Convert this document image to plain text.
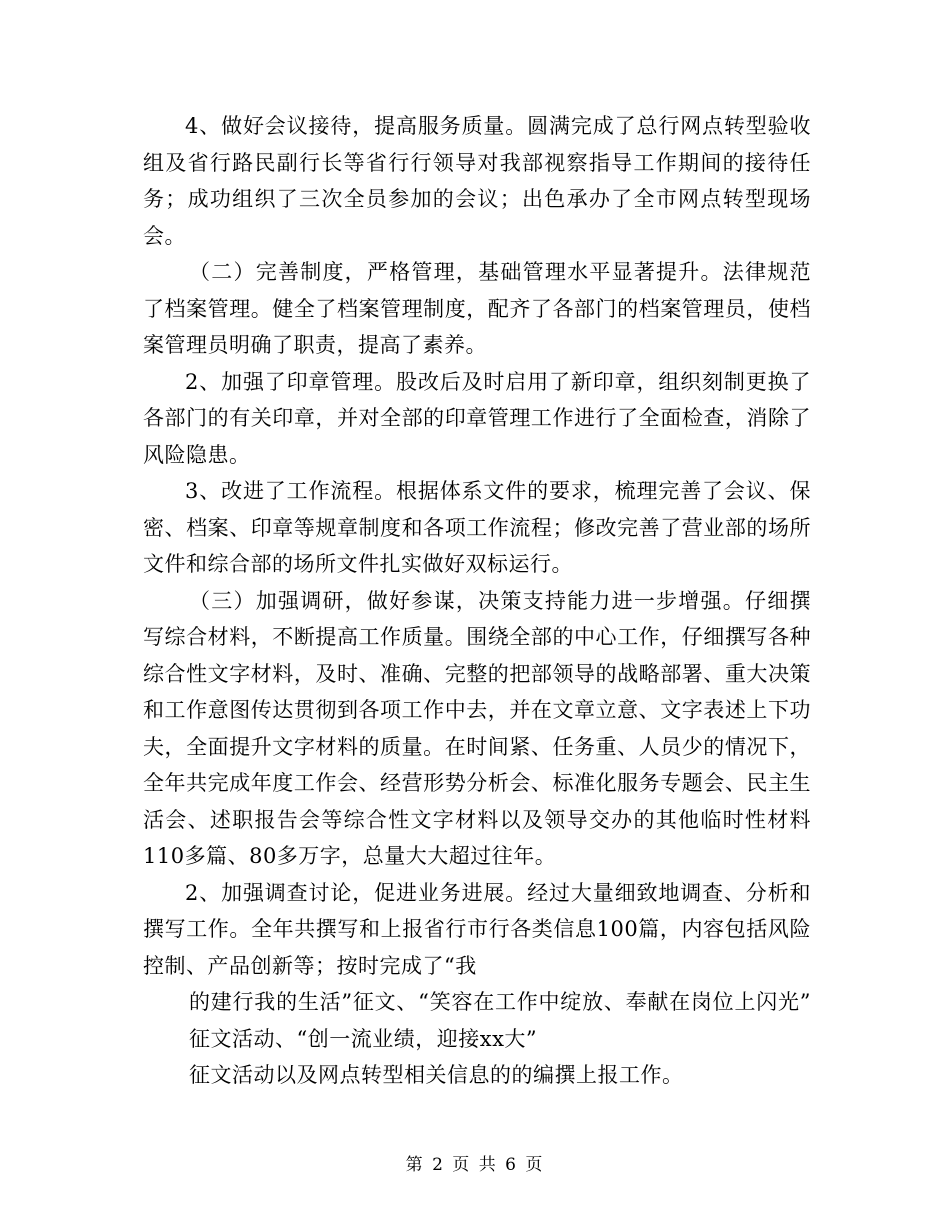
4、做好会议接待，提高服务质量。圆满完成了总行网点转型验收组及省行路民副行长等省行行领导对我部视察指导工作期间的接待任务；成功组织了三次全员参加的会议；出色承办了全市网点转型现场会。

（二）完善制度，严格管理，基础管理水平显著提升。法律规范了档案管理。健全了档案管理制度，配齐了各部门的档案管理员，使档案管理员明确了职责，提高了素养。

2、加强了印章管理。股改后及时启用了新印章，组织刻制更换了各部门的有关印章，并对全部的印章管理工作进行了全面检查，消除了风险隐患。

3、改进了工作流程。根据体系文件的要求，梳理完善了会议、保密、档案、印章等规章制度和各项工作流程；修改完善了营业部的场所文件和综合部的场所文件扎实做好双标运行。

（三）加强调研，做好参谋，决策支持能力进一步增强。仔细撰写综合材料，不断提高工作质量。围绕全部的中心工作，仔细撰写各种综合性文字材料，及时、准确、完整的把部领导的战略部署、重大决策和工作意图传达贯彻到各项工作中去，并在文章立意、文字表述上下功夫，全面提升文字材料的质量。在时间紧、任务重、人员少的情况下，全年共完成年度工作会、经营形势分析会、标准化服务专题会、民主生活会、述职报告会等综合性文字材料以及领导交办的其他临时性材料110多篇、80多万字，总量大大超过往年。

2、加强调查讨论，促进业务进展。经过大量细致地调查、分析和撰写工作。全年共撰写和上报省行市行各类信息100篇，内容包括风险控制、产品创新等；按时完成了“我

的建行我的生活”征文、“笑容在工作中绽放、奉献在岗位上闪光” 征文活动、“创一流业绩，迎接xx大”

征文活动以及网点转型相关信息的的编撰上报工作。

第 2 页 共 6 页
